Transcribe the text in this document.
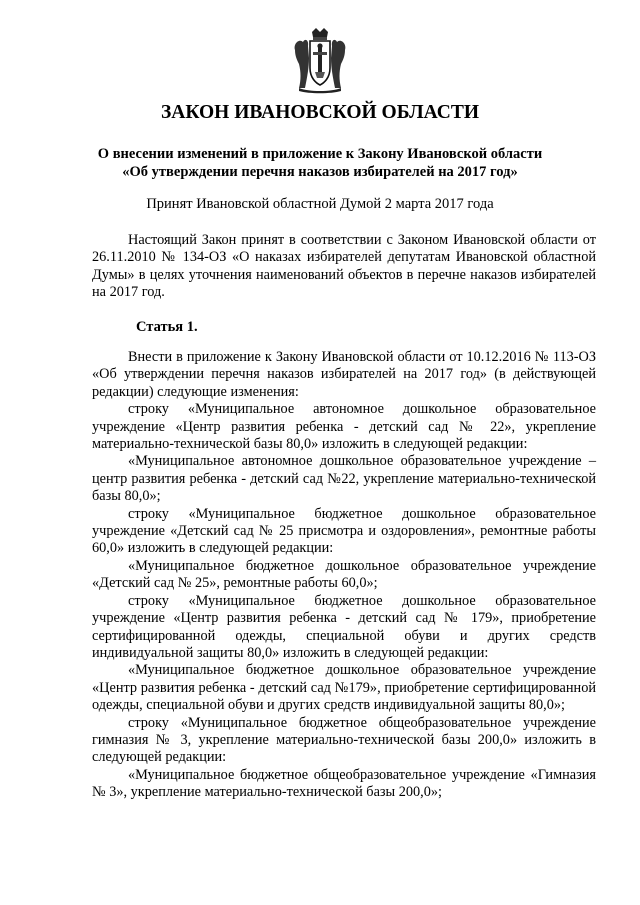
ЗАКОН ИВАНОВСКОЙ ОБЛАСТИ
О внесении изменений в приложение к Закону Ивановской области
«Об утверждении перечня наказов избирателей на 2017 год»

Принят Ивановской областной Думой 2 марта 2017 года

Настоящий Закон принят в соответствии с Законом Ивановской области от 26.11.2010 № 134-ОЗ «О наказах избирателей депутатам Ивановской областной Думы» в целях уточнения наименований объектов в перечне наказов избирателей на 2017 год.

Статья 1.

Внести в приложение к Закону Ивановской области от 10.12.2016 № 113-ОЗ «Об утверждении перечня наказов избирателей на 2017 год» (в действующей редакции) следующие изменения:

строку «Муниципальное автономное дошкольное образовательное учреждение «Центр развития ребенка - детский сад № 22», укрепление материально-технической базы 80,0» изложить в следующей редакции:

«Муниципальное автономное дошкольное образовательное учреждение – центр развития ребенка - детский сад №22, укрепление материально-технической базы 80,0»;

строку «Муниципальное бюджетное дошкольное образовательное учреждение «Детский сад № 25 присмотра и оздоровления», ремонтные работы 60,0» изложить в следующей редакции:

«Муниципальное бюджетное дошкольное образовательное учреждение «Детский сад № 25», ремонтные работы 60,0»;

строку «Муниципальное бюджетное дошкольное образовательное учреждение «Центр развития ребенка - детский сад № 179», приобретение сертифицированной одежды, специальной обуви и других средств индивидуальной защиты 80,0» изложить в следующей редакции:

«Муниципальное бюджетное дошкольное образовательное учреждение «Центр развития ребенка - детский сад №179», приобретение сертифицированной одежды, специальной обуви и других средств индивидуальной защиты 80,0»;

строку «Муниципальное бюджетное общеобразовательное учреждение гимназия № 3, укрепление материально-технической базы 200,0» изложить в следующей редакции:

«Муниципальное бюджетное общеобразовательное учреждение «Гимназия № 3», укрепление материально-технической базы 200,0»;
